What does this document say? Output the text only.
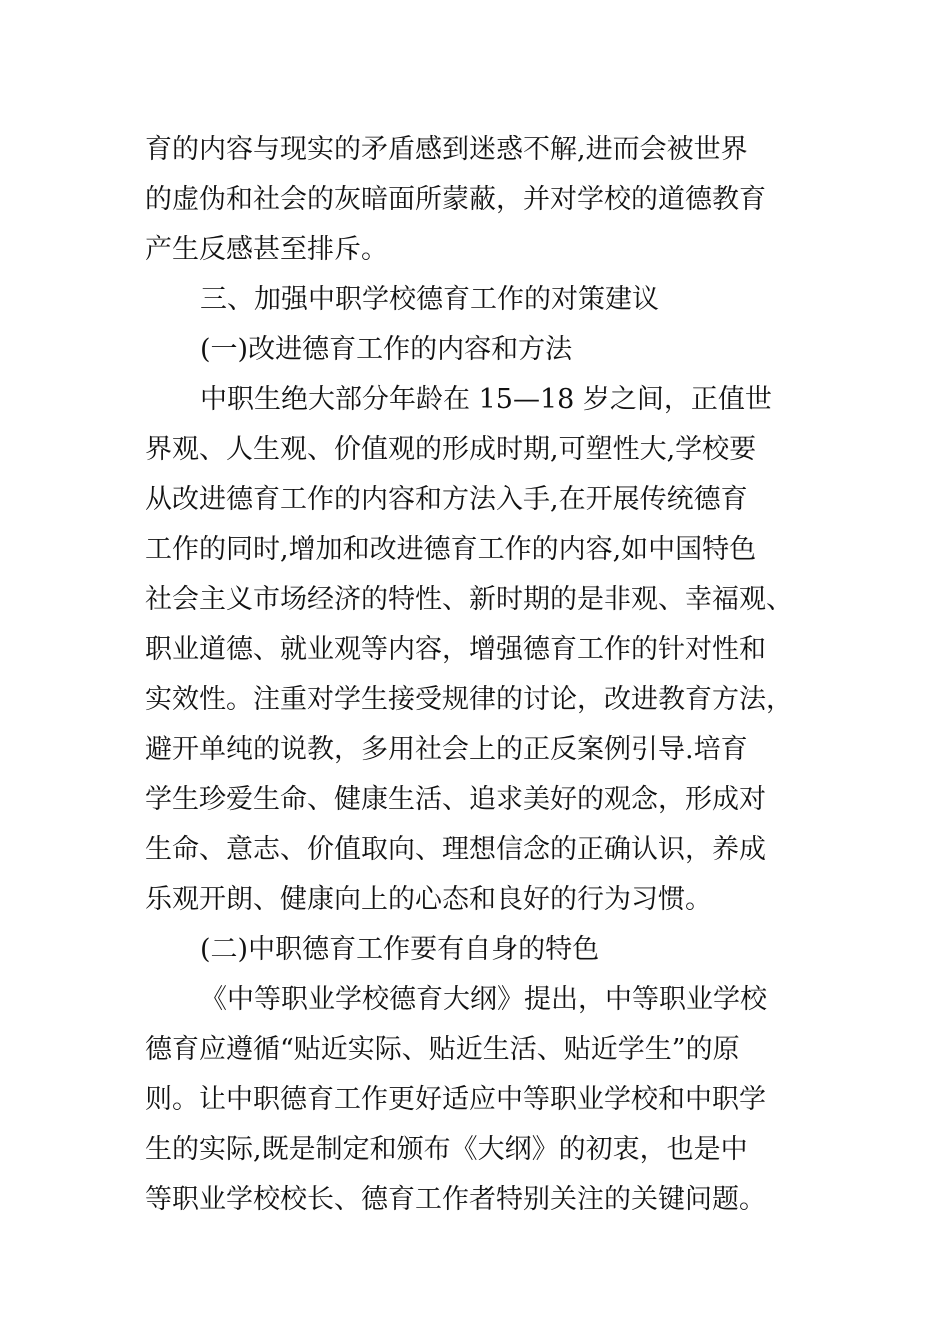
育的内容与现实的矛盾感到迷惑不解,进而会被世界

的虚伪和社会的灰暗面所蒙蔽，并对学校的道德教育

产生反感甚至排斥。

三、加强中职学校德育工作的对策建议

(一)改进德育工作的内容和方法

中职生绝大部分年龄在 15—18 岁之间，正值世

界观、人生观、价值观的形成时期,可塑性大,学校要

从改进德育工作的内容和方法入手,在开展传统德育

工作的同时,增加和改进德育工作的内容,如中国特色

社会主义市场经济的特性、新时期的是非观、幸福观、

职业道德、就业观等内容，增强德育工作的针对性和

实效性。注重对学生接受规律的讨论，改进教育方法，

避开单纯的说教，多用社会上的正反案例引导.培育

学生珍爱生命、健康生活、追求美好的观念，形成对

生命、意志、价值取向、理想信念的正确认识，养成

乐观开朗、健康向上的心态和良好的行为习惯。

(二)中职德育工作要有自身的特色

《中等职业学校德育大纲》提出，中等职业学校

德育应遵循“贴近实际、贴近生活、贴近学生”的原

则。让中职德育工作更好适应中等职业学校和中职学

生的实际,既是制定和颁布《大纲》的初衷，也是中

等职业学校校长、德育工作者特别关注的关键问题。
